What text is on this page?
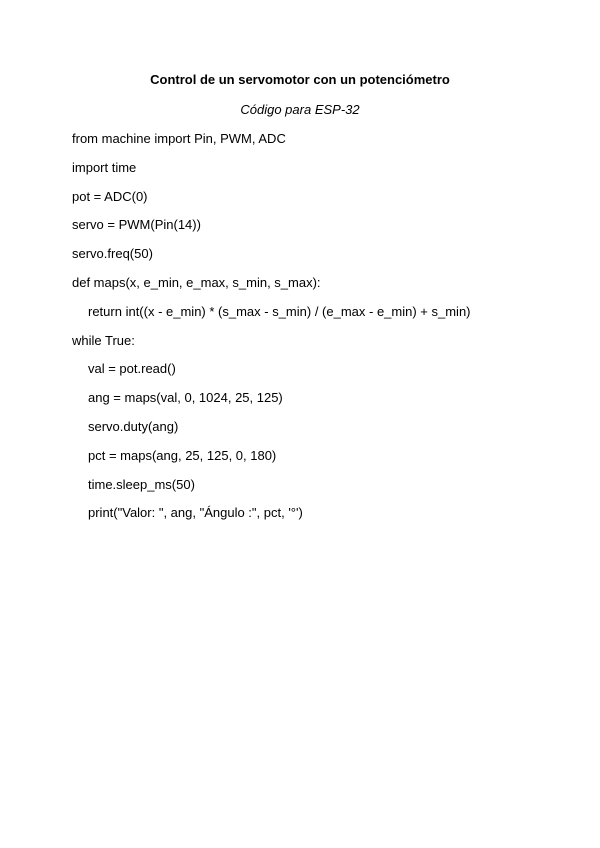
Control de un servomotor con un potenciómetro
Código para ESP-32
from machine import Pin, PWM, ADC
import time
pot = ADC(0)
servo = PWM(Pin(14))
servo.freq(50)
def maps(x, e_min, e_max, s_min, s_max):
return int((x - e_min) * (s_max - s_min) / (e_max - e_min) + s_min)
while True:
val = pot.read()
ang = maps(val, 0, 1024, 25, 125)
servo.duty(ang)
pct = maps(ang, 25, 125, 0, 180)
time.sleep_ms(50)
print("Valor: ", ang, "Ángulo :", pct, '°')
